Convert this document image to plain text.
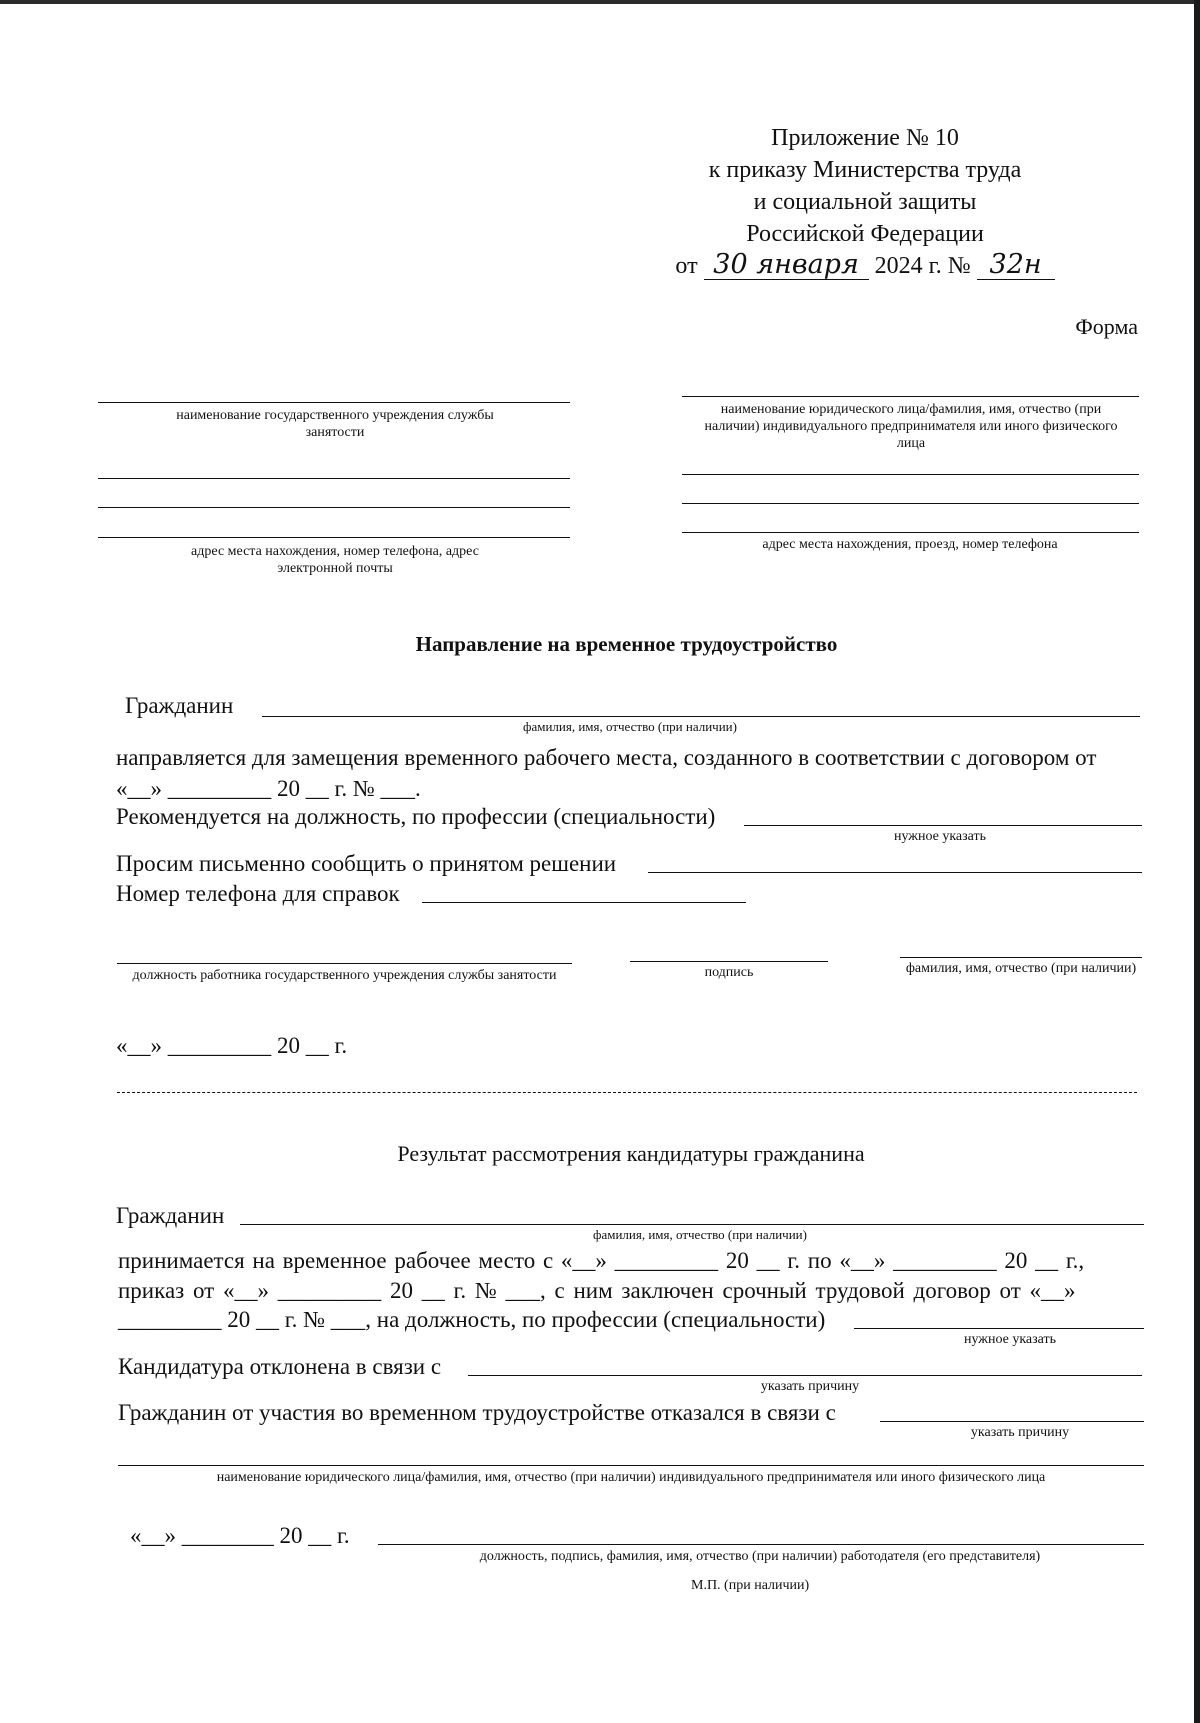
Приложение № 10
к приказу Министерства труда
и социальной защиты
Российской Федерации
от 30 января 2024 г. № 32н
Форма
наименование государственного учреждения службы занятости
адрес места нахождения, номер телефона, адрес электронной почты
наименование юридического лица/фамилия, имя, отчество (при наличии) индивидуального предпринимателя или иного физического лица
адрес места нахождения, проезд, номер телефона
Направление на временное трудоустройство
Гражданин
фамилия, имя, отчество (при наличии)
направляется для замещения временного рабочего места, созданного в соответствии с договором от
«__» _________ 20 __ г. № ___.
Рекомендуется на должность, по профессии (специальности)
нужное указать
Просим письменно сообщить о принятом решении
Номер телефона для справок
должность работника государственного учреждения службы занятости	подпись	фамилия, имя, отчество (при наличии)
«__» _________ 20 __ г.
Результат рассмотрения кандидатуры гражданина
Гражданин
фамилия, имя, отчество (при наличии)
принимается на временное рабочее место с «__» _________ 20 __ г. по «__» _________ 20 __ г.,
приказ от «__» _________ 20 __ г. № ___, с ним заключен срочный трудовой договор от «__»
_________ 20 __ г. № ___, на должность, по профессии (специальности)
нужное указать
Кандидатура отклонена в связи с
указать причину
Гражданин от участия во временном трудоустройстве отказался в связи с
указать причину
наименование юридического лица/фамилия, имя, отчество (при наличии) индивидуального предпринимателя или иного физического лица
«__» ________ 20 __ г.
должность, подпись, фамилия, имя, отчество (при наличии) работодателя (его представителя)
М.П. (при наличии)
